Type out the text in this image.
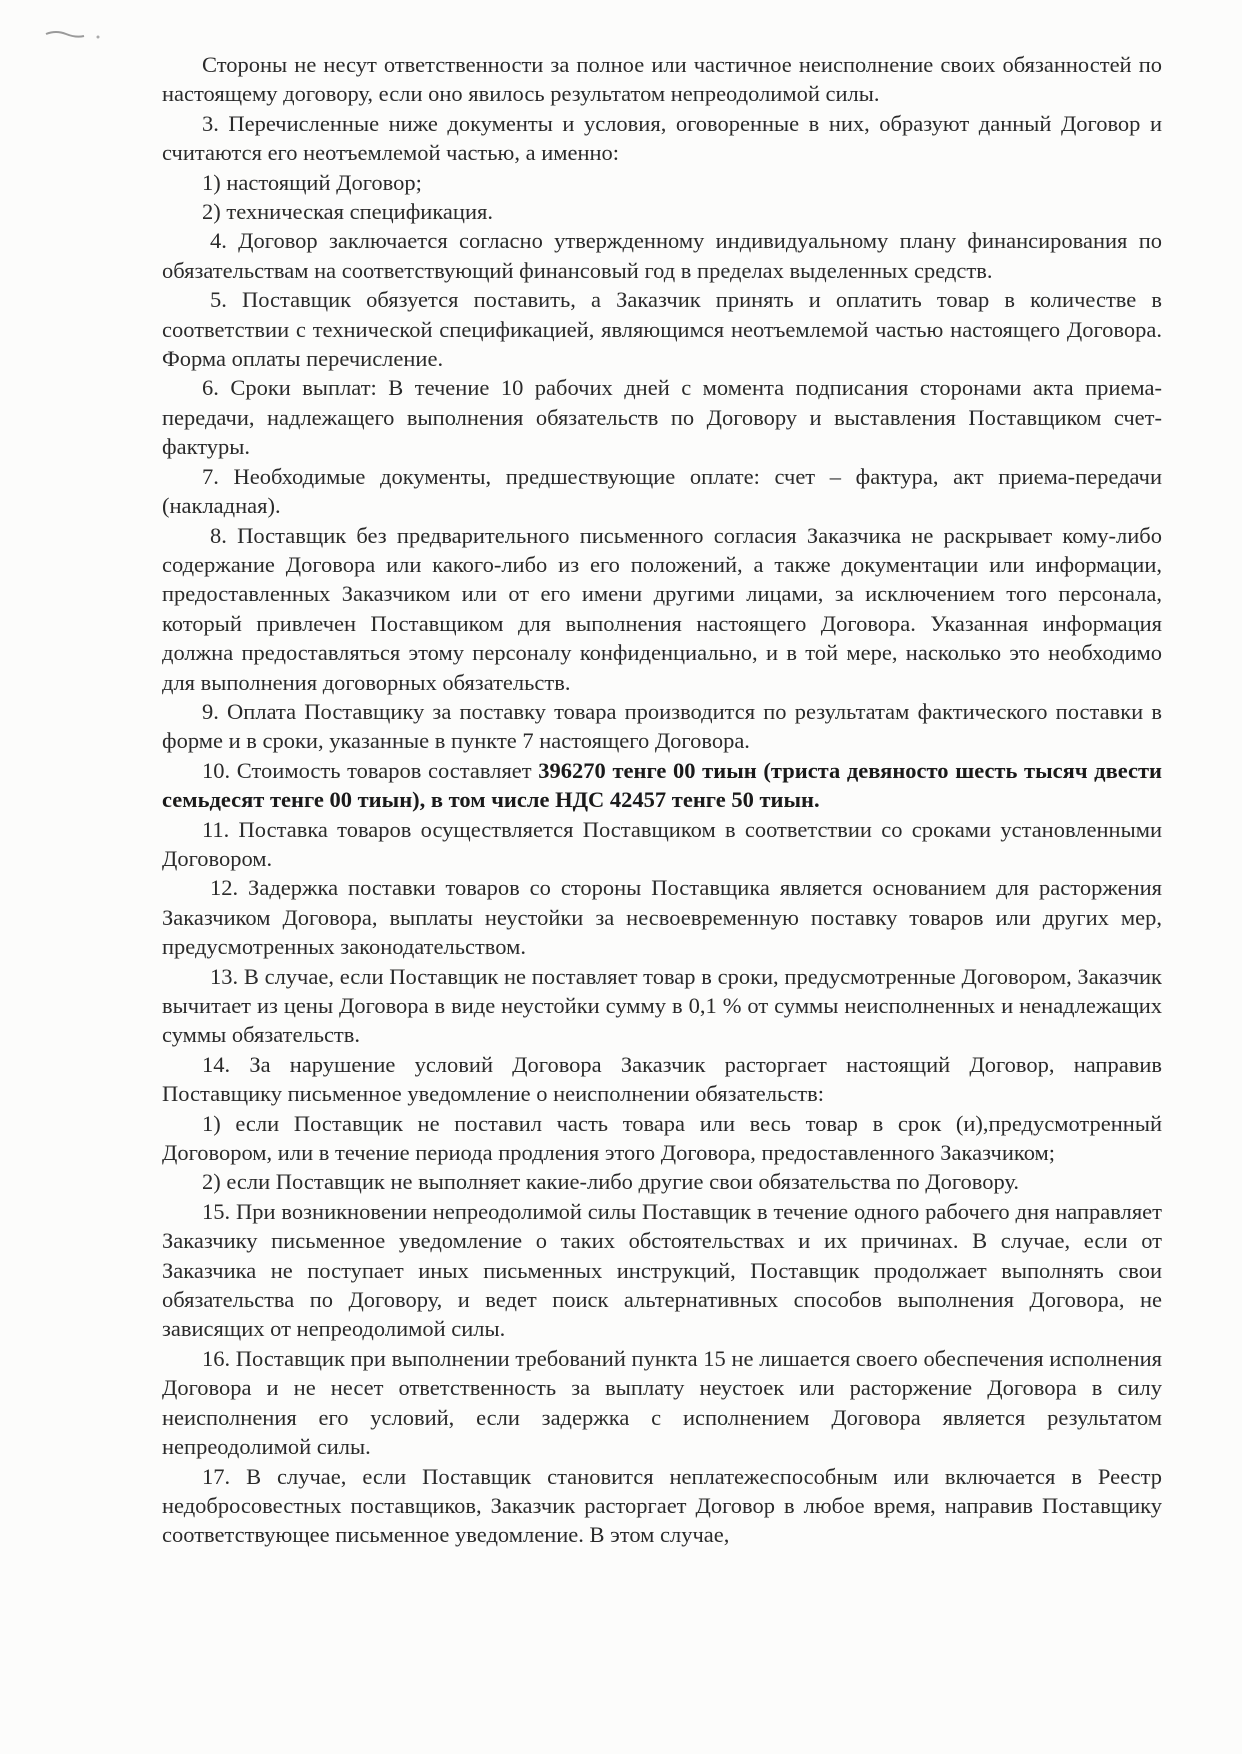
Стороны не несут ответственности за полное или частичное неисполнение своих обязанностей по настоящему договору, если оно явилось результатом непреодолимой силы.

3. Перечисленные ниже документы и условия, оговоренные в них, образуют данный Договор и считаются его неотъемлемой частью, а именно:

1) настоящий Договор;

2) техническая спецификация.

4. Договор заключается согласно утвержденному индивидуальному плану финансирования по обязательствам на соответствующий финансовый год в пределах выделенных средств.

5. Поставщик обязуется поставить, а Заказчик принять и оплатить товар в количестве в соответствии с технической спецификацией, являющимся неотъемлемой частью настоящего Договора. Форма оплаты перечисление.

6. Сроки выплат: В течение 10 рабочих дней с момента подписания сторонами акта приема-передачи, надлежащего выполнения обязательств по Договору и выставления Поставщиком счет-фактуры.

7. Необходимые документы, предшествующие оплате: счет – фактура, акт приема-передачи (накладная).

8. Поставщик без предварительного письменного согласия Заказчика не раскрывает кому-либо содержание Договора или какого-либо из его положений, а также документации или информации, предоставленных Заказчиком или от его имени другими лицами, за исключением того персонала, который привлечен Поставщиком для выполнения настоящего Договора. Указанная информация должна предоставляться этому персоналу конфиденциально, и в той мере, насколько это необходимо для выполнения договорных обязательств.

9. Оплата Поставщику за поставку товара производится по результатам фактического поставки в форме и в сроки, указанные в пункте 7 настоящего Договора.

10. Стоимость товаров составляет 396270 тенге 00 тиын (триста девяносто шесть тысяч двести семьдесят тенге 00 тиын), в том числе НДС 42457 тенге 50 тиын.

11. Поставка товаров осуществляется Поставщиком в соответствии со сроками установленными Договором.

12. Задержка поставки товаров со стороны Поставщика является основанием для расторжения Заказчиком Договора, выплаты неустойки за несвоевременную поставку товаров или других мер, предусмотренных законодательством.

13. В случае, если Поставщик не поставляет товар в сроки, предусмотренные Договором, Заказчик вычитает из цены Договора в виде неустойки сумму в 0,1 % от суммы неисполненных и ненадлежащих суммы обязательств.

14. За нарушение условий Договора Заказчик расторгает настоящий Договор, направив Поставщику письменное уведомление о неисполнении обязательств:

1) если Поставщик не поставил часть товара или весь товар в срок (и),предусмотренный Договором, или в течение периода продления этого Договора, предоставленного Заказчиком;

2) если Поставщик не выполняет какие-либо другие свои обязательства по Договору.

15. При возникновении непреодолимой силы Поставщик в течение одного рабочего дня направляет Заказчику письменное уведомление о таких обстоятельствах и их причинах. В случае, если от Заказчика не поступает иных письменных инструкций, Поставщик продолжает выполнять свои обязательства по Договору, и ведет поиск альтернативных способов выполнения Договора, не зависящих от непреодолимой силы.

16. Поставщик при выполнении требований пункта 15 не лишается своего обеспечения исполнения Договора и не несет ответственность за выплату неустоек или расторжение Договора в силу неисполнения его условий, если задержка с исполнением Договора является результатом непреодолимой силы.

17. В случае, если Поставщик становится неплатежеспособным или включается в Реестр недобросовестных поставщиков, Заказчик расторгает Договор в любое время, направив Поставщику соответствующее письменное уведомление. В этом случае,
